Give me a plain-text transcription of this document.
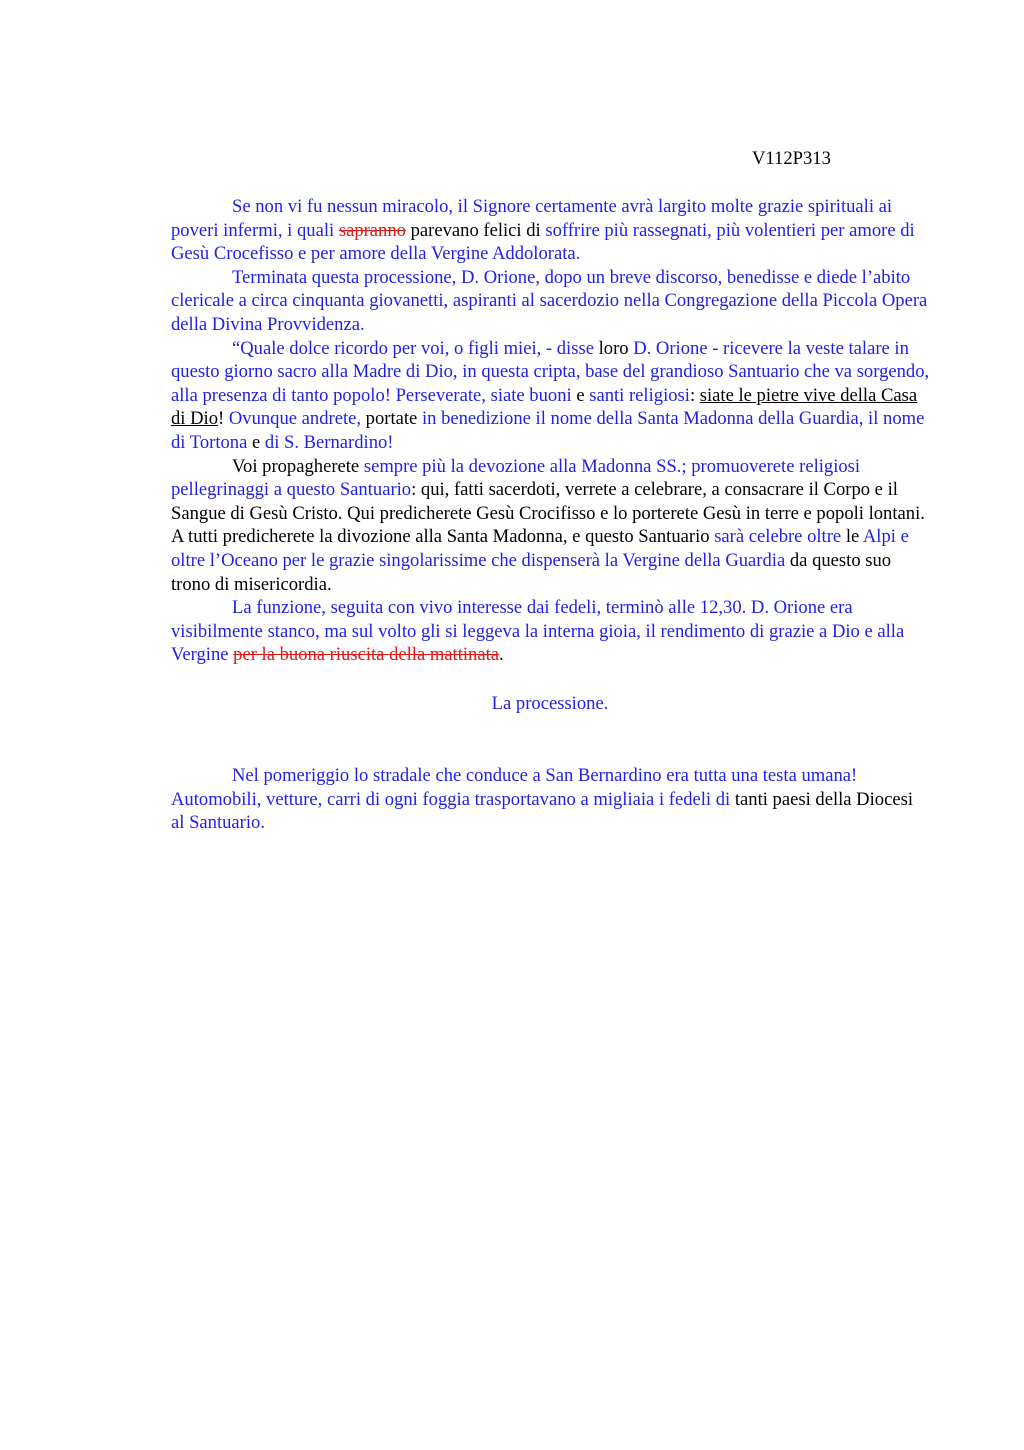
V112P313

Se non vi fu nessun miracolo, il Signore certamente avrà largito molte grazie spirituali ai poveri infermi, i quali sapranno parevano felici di soffrire più rassegnati, più volentieri per amore di Gesù Crocefisso e per amore della Vergine Addolorata.

Terminata questa processione, D. Orione, dopo un breve discorso, benedisse e diede l’abito clericale a circa cinquanta giovanetti, aspiranti al sacerdozio nella Congregazione della Piccola Opera della Divina Provvidenza.

“Quale dolce ricordo per voi, o figli miei, - disse loro D. Orione - ricevere la veste talare in questo giorno sacro alla Madre di Dio, in questa cripta, base del grandioso Santuario che va sorgendo, alla presenza di tanto popolo! Perseverate, siate buoni e santi religiosi: siate le pietre vive della Casa di Dio! Ovunque andrete, portate in benedizione il nome della Santa Madonna della Guardia, il nome di Tortona e di S. Bernardino!

Voi propagherete sempre più la devozione alla Madonna SS.; promuoverete religiosi pellegrinaggi a questo Santuario: qui, fatti sacerdoti, verrete a celebrare, a consacrare il Corpo e il Sangue di Gesù Cristo. Qui predicherete Gesù Crocifisso e lo porterete Gesù in terre e popoli lontani. A tutti predicherete la divozione alla Santa Madonna, e questo Santuario sarà celebre oltre le Alpi e oltre l’Oceano per le grazie singolarissime che dispenserà la Vergine della Guardia da questo suo trono di misericordia.

La funzione, seguita con vivo interesse dai fedeli, terminò alle 12,30. D. Orione era visibilmente stanco, ma sul volto gli si leggeva la interna gioia, il rendimento di grazie a Dio e alla Vergine per la buona riuscita della mattinata.

La processione.

Nel pomeriggio lo stradale che conduce a San Bernardino era tutta una testa umana! Automobili, vetture, carri di ogni foggia trasportavano a migliaia i fedeli di tanti paesi della Diocesi al Santuario.
